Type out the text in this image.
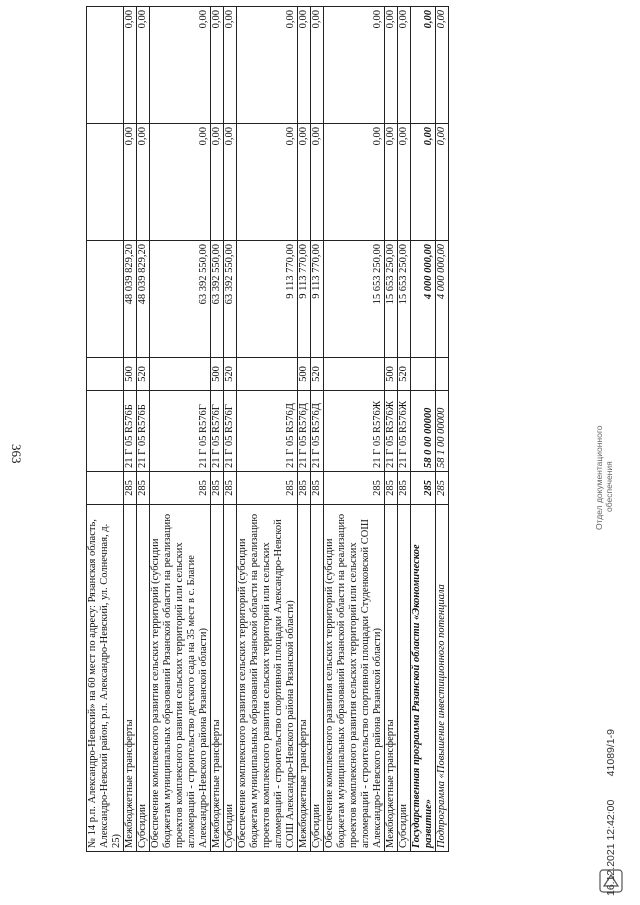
363
№ 14 р.п. Александро-Невский» на 60 мест по адресу: Рязанская область, Александро-Невский район, р.п. Александро-Невский, ул. Солнечная, д. 25)						
Межбюджетные трансферты	285	21 Г 05 R576Б	500	48 039 829,20	0,00	0,00
Субсидии	285	21 Г 05 R576Б	520	48 039 829,20	0,00	0,00
Обеспечение комплексного развития сельских территорий (субсидии бюджетам муниципальных образований Рязанской области на реализацию проектов комплексного развития сельских территорий или сельских агломераций - строительство детского сада на 35 мест в с. Благие Александро-Невского района Рязанской области)	285	21 Г 05 R576Г		63 392 550,00	0,00	0,00
Межбюджетные трансферты	285	21 Г 05 R576Г	500	63 392 550,00	0,00	0,00
Субсидии	285	21 Г 05 R576Г	520	63 392 550,00	0,00	0,00
Обеспечение комплексного развития сельских территорий (субсидии бюджетам муниципальных образований Рязанской области на реализацию проектов комплексного развития сельских территорий или сельских агломераций - строительство спортивной площадки Александро-Невской СОШ Александро-Невского района Рязанской области)	285	21 Г 05 R576Д		9 113 770,00	0,00	0,00
Межбюджетные трансферты	285	21 Г 05 R576Д	500	9 113 770,00	0,00	0,00
Субсидии	285	21 Г 05 R576Д	520	9 113 770,00	0,00	0,00
Обеспечение комплексного развития сельских территорий (субсидии бюджетам муниципальных образований Рязанской области на реализацию проектов комплексного развития сельских территорий или сельских агломераций - строительство спортивной площадки Студенковской СОШ Александро-Невского района Рязанской области)	285	21 Г 05 R576Ж		15 653 250,00	0,00	0,00
Межбюджетные трансферты	285	21 Г 05 R576Ж	500	15 653 250,00	0,00	0,00
Субсидии	285	21 Г 05 R576Ж	520	15 653 250,00	0,00	0,00
Государственная программа Рязанской области «Экономическое развитие»	285	58 0 00 00000		4 000 000,00	0,00	0,00
Подпрограмма «Повышение инвестиционного потенциала	285	58 1 00 00000		4 000 000,00	0,00	0,00
16.12.2021 12:42:00        41089/1-9
Отдел документационного обеспечения
